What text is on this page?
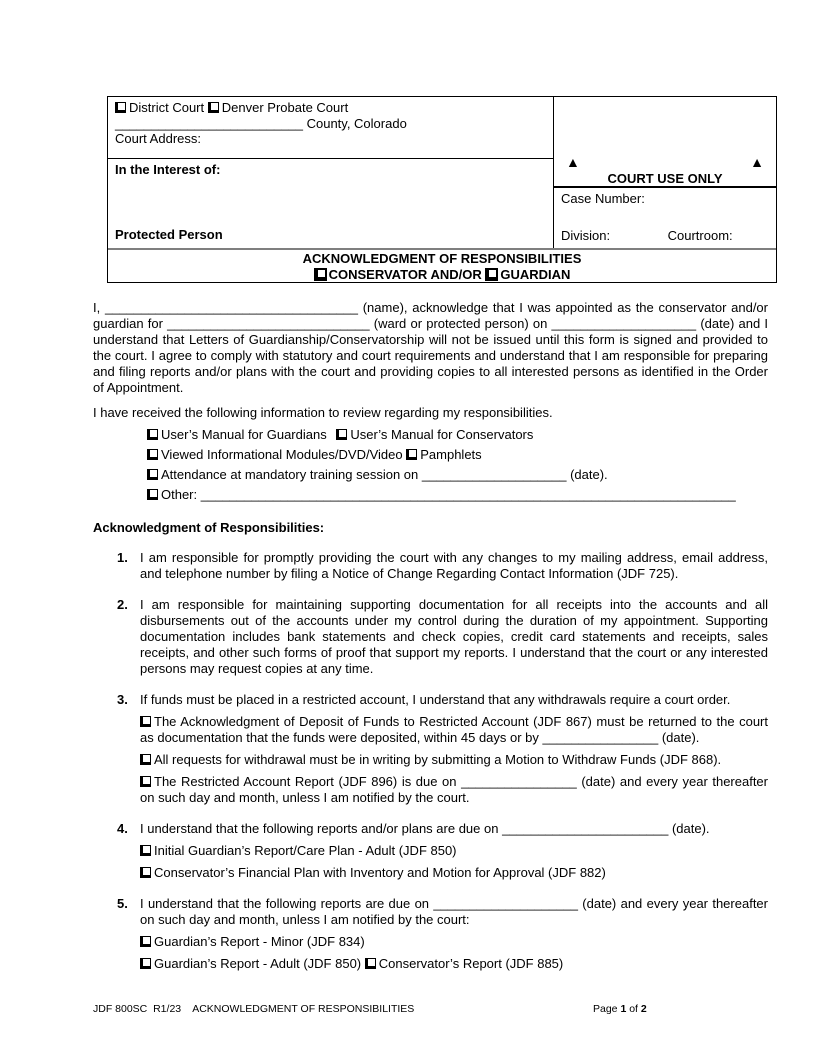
District Court Denver Probate Court
__________________________ County, Colorado
Court Address:
In the Interest of:
Protected Person
▲	▲
COURT USE ONLY
Case Number:
Division:	Courtroom:
ACKNOWLEDGMENT OF RESPONSIBILITIES
CONSERVATOR AND/OR GUARDIAN
I, ___________________________________ (name), acknowledge that I was appointed as the conservator and/or guardian for ____________________________ (ward or protected person) on ____________________ (date) and I understand that Letters of Guardianship/Conservatorship will not be issued until this form is signed and provided to the court. I agree to comply with statutory and court requirements and understand that I am responsible for preparing and filing reports and/or plans with the court and providing copies to all interested persons as identified in the Order of Appointment.
I have received the following information to review regarding my responsibilities.
User’s Manual for Guardians User’s Manual for Conservators
Viewed Informational Modules/DVD/Video Pamphlets
Attendance at mandatory training session on ____________________ (date).
Other: __________________________________________________________________________
Acknowledgment of Responsibilities:
1. I am responsible for promptly providing the court with any changes to my mailing address, email address, and telephone number by filing a Notice of Change Regarding Contact Information (JDF 725).
2. I am responsible for maintaining supporting documentation for all receipts into the accounts and all disbursements out of the accounts under my control during the duration of my appointment. Supporting documentation includes bank statements and check copies, credit card statements and receipts, sales receipts, and other such forms of proof that support my reports. I understand that the court or any interested persons may request copies at any time.
3. If funds must be placed in a restricted account, I understand that any withdrawals require a court order.
The Acknowledgment of Deposit of Funds to Restricted Account (JDF 867) must be returned to the court as documentation that the funds were deposited, within 45 days or by ________________ (date).
All requests for withdrawal must be in writing by submitting a Motion to Withdraw Funds (JDF 868).
The Restricted Account Report (JDF 896) is due on ________________ (date) and every year thereafter on such day and month, unless I am notified by the court.
4. I understand that the following reports and/or plans are due on _______________________ (date).
Initial Guardian’s Report/Care Plan - Adult (JDF 850)
Conservator’s Financial Plan with Inventory and Motion for Approval (JDF 882)
5. I understand that the following reports are due on ____________________ (date) and every year thereafter on such day and month, unless I am notified by the court:
Guardian’s Report - Minor (JDF 834)
Guardian’s Report - Adult (JDF 850) Conservator’s Report (JDF 885)
JDF 800SC  R1/23    ACKNOWLEDGMENT OF RESPONSIBILITIES	Page 1 of 2
